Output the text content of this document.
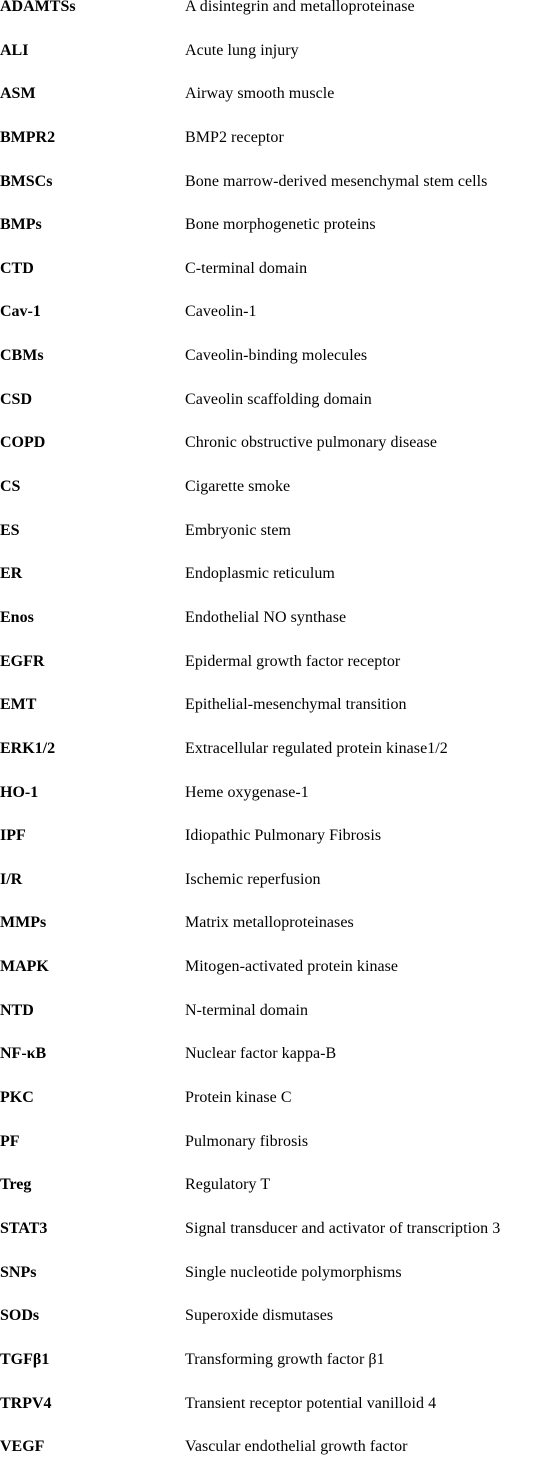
ADAMTSs	A disintegrin and metalloproteinase
ALI	Acute lung injury
ASM	Airway smooth muscle
BMPR2	BMP2 receptor
BMSCs	Bone marrow-derived mesenchymal stem cells
BMPs	Bone morphogenetic proteins
CTD	C-terminal domain
Cav-1	Caveolin-1
CBMs	Caveolin-binding molecules
CSD	Caveolin scaffolding domain
COPD	Chronic obstructive pulmonary disease
CS	Cigarette smoke
ES	Embryonic stem
ER	Endoplasmic reticulum
Enos	Endothelial NO synthase
EGFR	Epidermal growth factor receptor
EMT	Epithelial-mesenchymal transition
ERK1/2	Extracellular regulated protein kinase1/2
HO-1	Heme oxygenase-1
IPF	Idiopathic Pulmonary Fibrosis
I/R	Ischemic reperfusion
MMPs	Matrix metalloproteinases
MAPK	Mitogen-activated protein kinase
NTD	N-terminal domain
NF-κB	Nuclear factor kappa-B
PKC	Protein kinase C
PF	Pulmonary fibrosis
Treg	Regulatory T
STAT3	Signal transducer and activator of transcription 3
SNPs	Single nucleotide polymorphisms
SODs	Superoxide dismutases
TGFβ1	Transforming growth factor β1
TRPV4	Transient receptor potential vanilloid 4
VEGF	Vascular endothelial growth factor
